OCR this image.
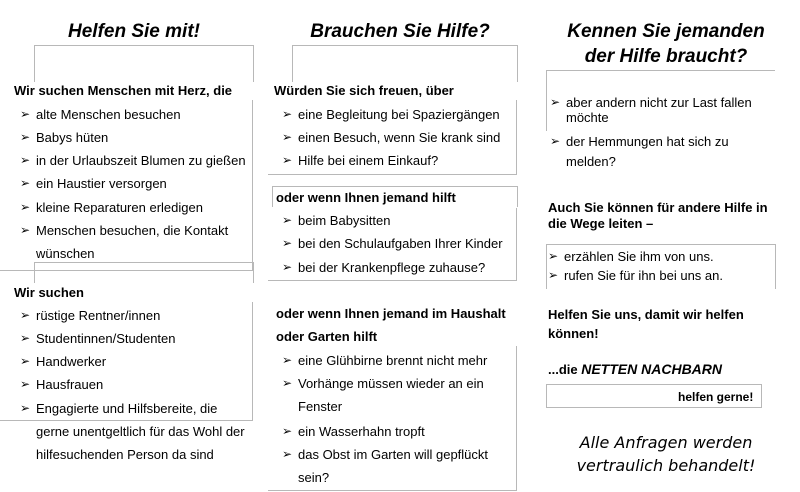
Helfen Sie mit!
Wir suchen Menschen mit Herz, die
➢ alte Menschen besuchen
➢ Babys hüten
➢ in der Urlaubszeit Blumen zu gießen
➢ ein Haustier versorgen
➢ kleine Reparaturen erledigen
➢ Menschen besuchen, die Kontakt
wünschen
Wir suchen
➢ rüstige Rentner/innen
➢ Studentinnen/Studenten
➢ Handwerker
➢ Hausfrauen
➢ Engagierte und Hilfsbereite, die
gerne unentgeltlich für das Wohl der
hilfesuchenden Person da sind
Brauchen Sie Hilfe?
Würden Sie sich freuen, über
➢ eine Begleitung bei Spaziergängen
➢ einen Besuch, wenn Sie krank sind
➢ Hilfe bei einem Einkauf?
oder wenn Ihnen jemand hilft
➢ beim Babysitten
➢ bei den Schulaufgaben Ihrer Kinder
➢ bei der Krankenpflege zuhause?
oder wenn Ihnen jemand im Haushalt
oder Garten hilft
➢ eine Glühbirne brennt nicht mehr
➢ Vorhänge müssen wieder an ein
Fenster
➢ ein Wasserhahn tropft
➢ das Obst im Garten will gepflückt
sein?
Kennen Sie jemanden
der Hilfe braucht?
➢ aber andern nicht zur Last fallen
möchte
➢ der Hemmungen hat sich zu
melden?
Auch Sie können für andere Hilfe in
die Wege leiten –
➢ erzählen Sie ihm von uns.
➢ rufen Sie für ihn bei uns an.
Helfen Sie uns, damit wir helfen
können!
...die NETTEN NACHBARN
helfen gerne!
Alle Anfragen werden
vertraulich behandelt!
